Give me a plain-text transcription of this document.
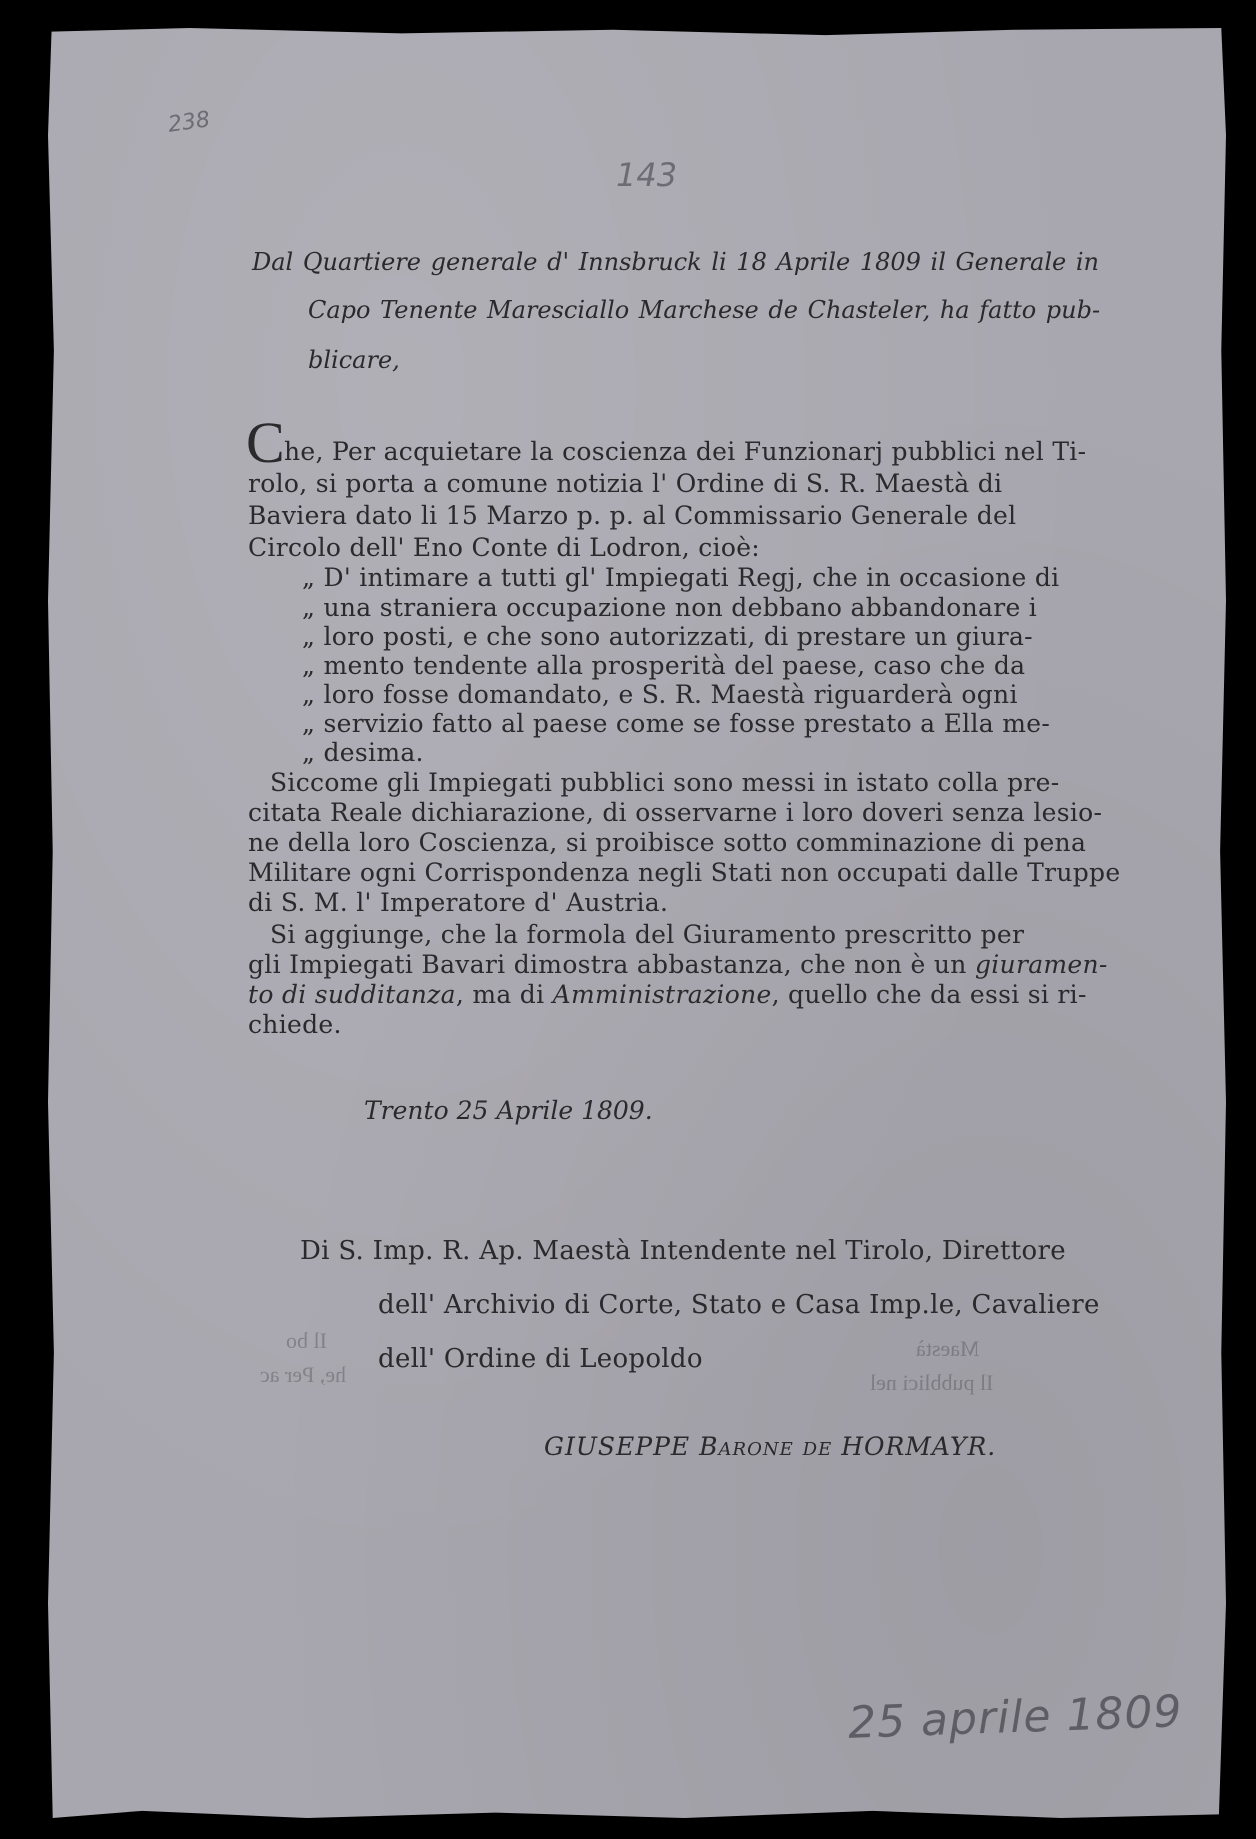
238
143
Dal Quartiere generale d' Innsbruck li 18 Aprile 1809 il Generale in
Capo Tenente Maresciallo Marchese de Chasteler, ha fatto pub-
blicare,
C he, Per acquietare la coscienza dei Funzionarj pubblici nel Ti-
rolo, si porta a comune notizia l' Ordine di S. R. Maestà di
Baviera dato li 15 Marzo p. p. al Commissario Generale del
Circolo dell' Eno Conte di Lodron, cioè:
„ D' intimare a tutti gl' Impiegati Regj, che in occasione di
„ una straniera occupazione non debbano abbandonare i
„ loro posti, e che sono autorizzati, di prestare un giura-
„ mento tendente alla prosperità del paese, caso che da
„ loro fosse domandato, e S. R. Maestà riguarderà ogni
„ servizio fatto al paese come se fosse prestato a Ella me-
„ desima.
Siccome gli Impiegati pubblici sono messi in istato colla pre-
citata Reale dichiarazione, di osservarne i loro doveri senza lesio-
ne della loro Coscienza, si proibisce sotto comminazione di pena
Militare ogni Corrispondenza negli Stati non occupati dalle Truppe
di S. M. l' Imperatore d' Austria.
Si aggiunge, che la formola del Giuramento prescritto per
gli Impiegati Bavari dimostra abbastanza, che non è un giuramen-
to di sudditanza, ma di Amministrazione, quello che da essi si ri-
chiede.
Trento 25 Aprile 1809.
Di S. Imp. R. Ap. Maestà Intendente nel Tirolo, Direttore
dell' Archivio di Corte, Stato e Casa Imp.le, Cavaliere
dell' Ordine di Leopoldo
Il bo
he, Per ac
Maestà
Il pubblici nel
GIUSEPPE Barone de HORMAYR.
25 aprile 1809
